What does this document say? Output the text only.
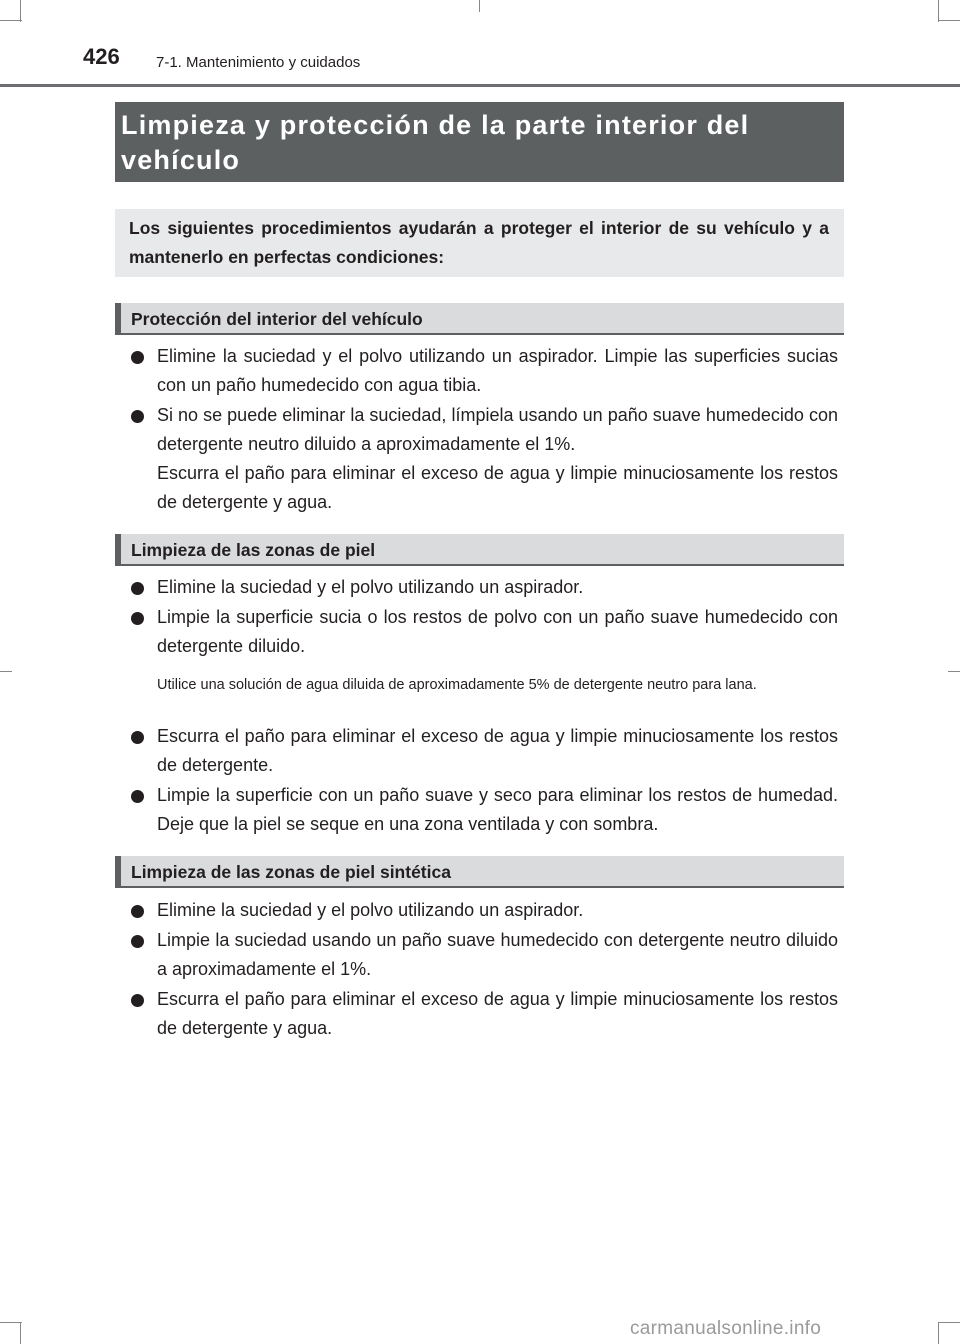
426 7-1. Mantenimiento y cuidados
Limpieza y protección de la parte interior del vehículo

Los siguientes procedimientos ayudarán a proteger el interior de su vehículo y a mantenerlo en perfectas condiciones:

Protección del interior del vehículo
Elimine la suciedad y el polvo utilizando un aspirador. Limpie las superficies sucias con un paño humedecido con agua tibia.
Si no se puede eliminar la suciedad, límpiela usando un paño suave humedecido con detergente neutro diluido a aproximadamente el 1%.
Escurra el paño para eliminar el exceso de agua y limpie minuciosamente los restos de detergente y agua.
Limpieza de las zonas de piel
Elimine la suciedad y el polvo utilizando un aspirador.
Limpie la superficie sucia o los restos de polvo con un paño suave humedecido con detergente diluido.

Utilice una solución de agua diluida de aproximadamente 5% de detergente neutro para lana.

Escurra el paño para eliminar el exceso de agua y limpie minuciosamente los restos de detergente.
Limpie la superficie con un paño suave y seco para eliminar los restos de humedad. Deje que la piel se seque en una zona ventilada y con sombra.
Limpieza de las zonas de piel sintética
Elimine la suciedad y el polvo utilizando un aspirador.
Limpie la suciedad usando un paño suave humedecido con detergente neutro diluido a aproximadamente el 1%.
Escurra el paño para eliminar el exceso de agua y limpie minuciosamente los restos de detergente y agua.
carmanualsonline.info
